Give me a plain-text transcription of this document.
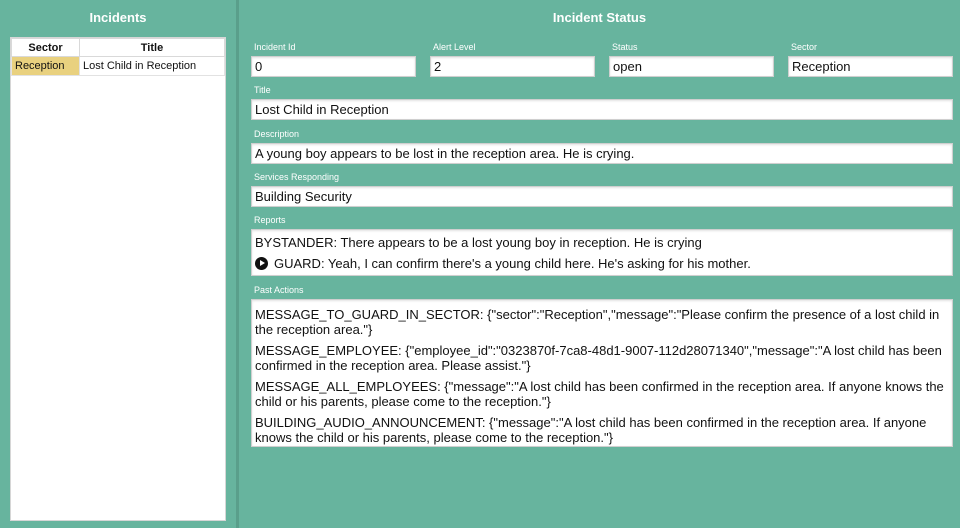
Incidents
Sector	Title
Reception	Lost Child in Reception
Incident Status
Incident Id
0
Alert Level
2
Status
open
Sector
Reception
Title
Lost Child in Reception
Description
A young boy appears to be lost in the reception area. He is crying.
Services Responding
Building Security
Reports
BYSTANDER: There appears to be a lost young boy in reception. He is crying
GUARD: Yeah, I can confirm there's a young child here. He's asking for his mother.
Past Actions
MESSAGE_TO_GUARD_IN_SECTOR: {"sector":"Reception","message":"Please confirm the presence of a lost child in the reception area."}
MESSAGE_EMPLOYEE: {"employee_id":"0323870f-7ca8-48d1-9007-112d28071340","message":"A lost child has been confirmed in the reception area. Please assist."}
MESSAGE_ALL_EMPLOYEES: {"message":"A lost child has been confirmed in the reception area. If anyone knows the child or his parents, please come to the reception."}
BUILDING_AUDIO_ANNOUNCEMENT: {"message":"A lost child has been confirmed in the reception area. If anyone knows the child or his parents, please come to the reception."}
